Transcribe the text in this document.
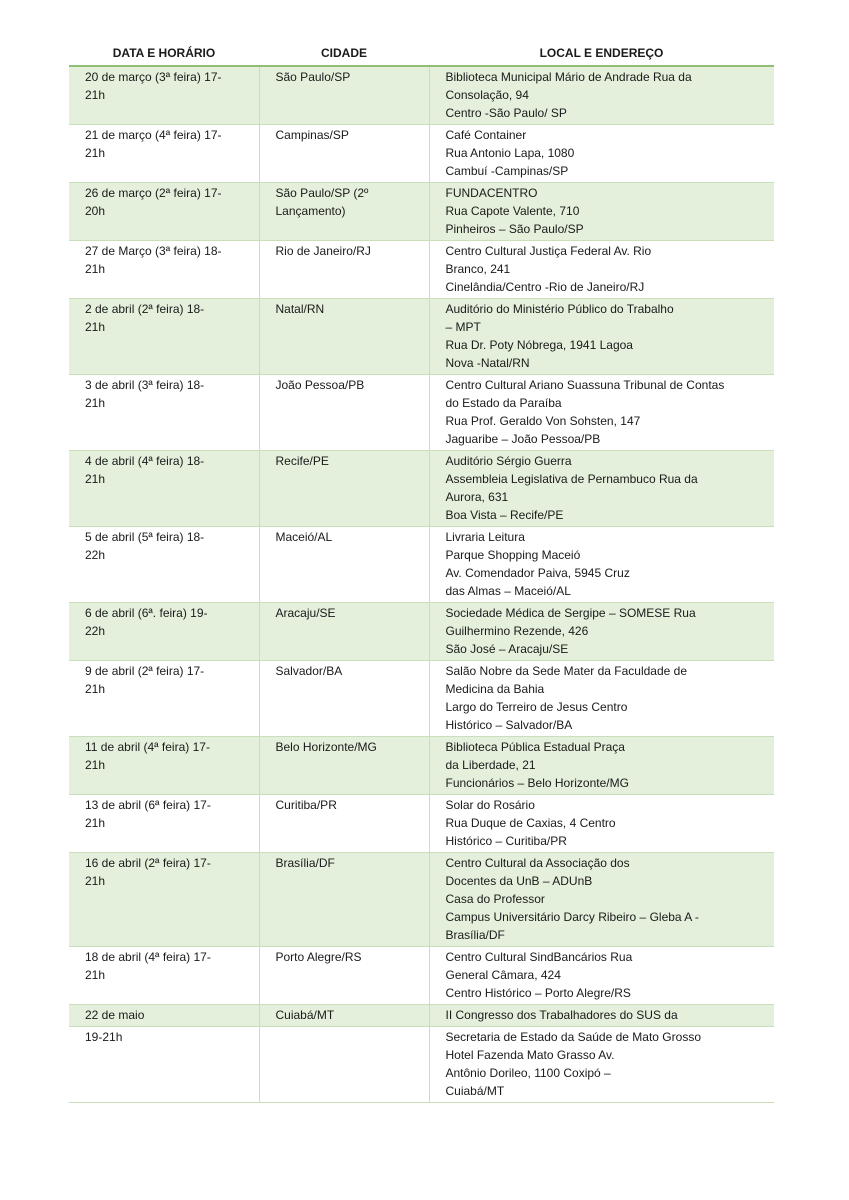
DATA E HORÁRIO	CIDADE	LOCAL E ENDEREÇO

20 de março (3ª feira) 17-
21h	São Paulo/SP	Biblioteca Municipal Mário de Andrade Rua da
Consolação, 94
Centro -São Paulo/ SP

21 de março (4ª feira) 17-
21h	Campinas/SP	Café Container
Rua Antonio Lapa, 1080
Cambuí -Campinas/SP

26 de março (2ª feira) 17-
20h	São Paulo/SP (2º
Lançamento)	FUNDACENTRO
Rua Capote Valente, 710
Pinheiros – São Paulo/SP

27 de Março (3ª feira) 18-
21h	Rio de Janeiro/RJ	Centro Cultural Justiça Federal Av. Rio
Branco, 241
Cinelândia/Centro -Rio de Janeiro/RJ

2 de abril (2ª feira) 18-
21h	Natal/RN	Auditório do Ministério Público do Trabalho
– MPT
Rua Dr. Poty Nóbrega, 1941 Lagoa
Nova -Natal/RN

3 de abril (3ª feira) 18-
21h	João Pessoa/PB	Centro Cultural Ariano Suassuna Tribunal de Contas
do Estado da Paraíba
Rua Prof. Geraldo Von Sohsten, 147
Jaguaribe – João Pessoa/PB

4 de abril (4ª feira) 18-
21h	Recife/PE	Auditório Sérgio Guerra
Assembleia Legislativa de Pernambuco Rua da
Aurora, 631
Boa Vista – Recife/PE

5 de abril (5ª feira) 18-
22h	Maceió/AL	Livraria Leitura
Parque Shopping Maceió
Av. Comendador Paiva, 5945 Cruz
das Almas – Maceió/AL

6 de abril (6ª. feira) 19-
22h	Aracaju/SE	Sociedade Médica de Sergipe – SOMESE Rua
Guilhermino Rezende, 426
São José – Aracaju/SE

9 de abril (2ª feira) 17-
21h	Salvador/BA	Salão Nobre da Sede Mater da Faculdade de
Medicina da Bahia
Largo do Terreiro de Jesus Centro
Histórico – Salvador/BA

11 de abril (4ª feira) 17-
21h	Belo Horizonte/MG	Biblioteca Pública Estadual Praça
da Liberdade, 21
Funcionários – Belo Horizonte/MG

13 de abril (6ª feira) 17-
21h	Curitiba/PR	Solar do Rosário
Rua Duque de Caxias, 4 Centro
Histórico – Curitiba/PR

16 de abril (2ª feira) 17-
21h	Brasília/DF	Centro Cultural da Associação dos
Docentes da UnB – ADUnB
Casa do Professor
Campus Universitário Darcy Ribeiro – Gleba A -
Brasília/DF

18 de abril (4ª feira) 17-
21h	Porto Alegre/RS	Centro Cultural SindBancários Rua
General Câmara, 424
Centro Histórico – Porto Alegre/RS

22 de maio	Cuiabá/MT	II Congresso dos Trabalhadores do SUS da

19-21h		Secretaria de Estado da Saúde de Mato Grosso
Hotel Fazenda Mato Grasso Av.
Antônio Dorileo, 1100 Coxipó –
Cuiabá/MT
